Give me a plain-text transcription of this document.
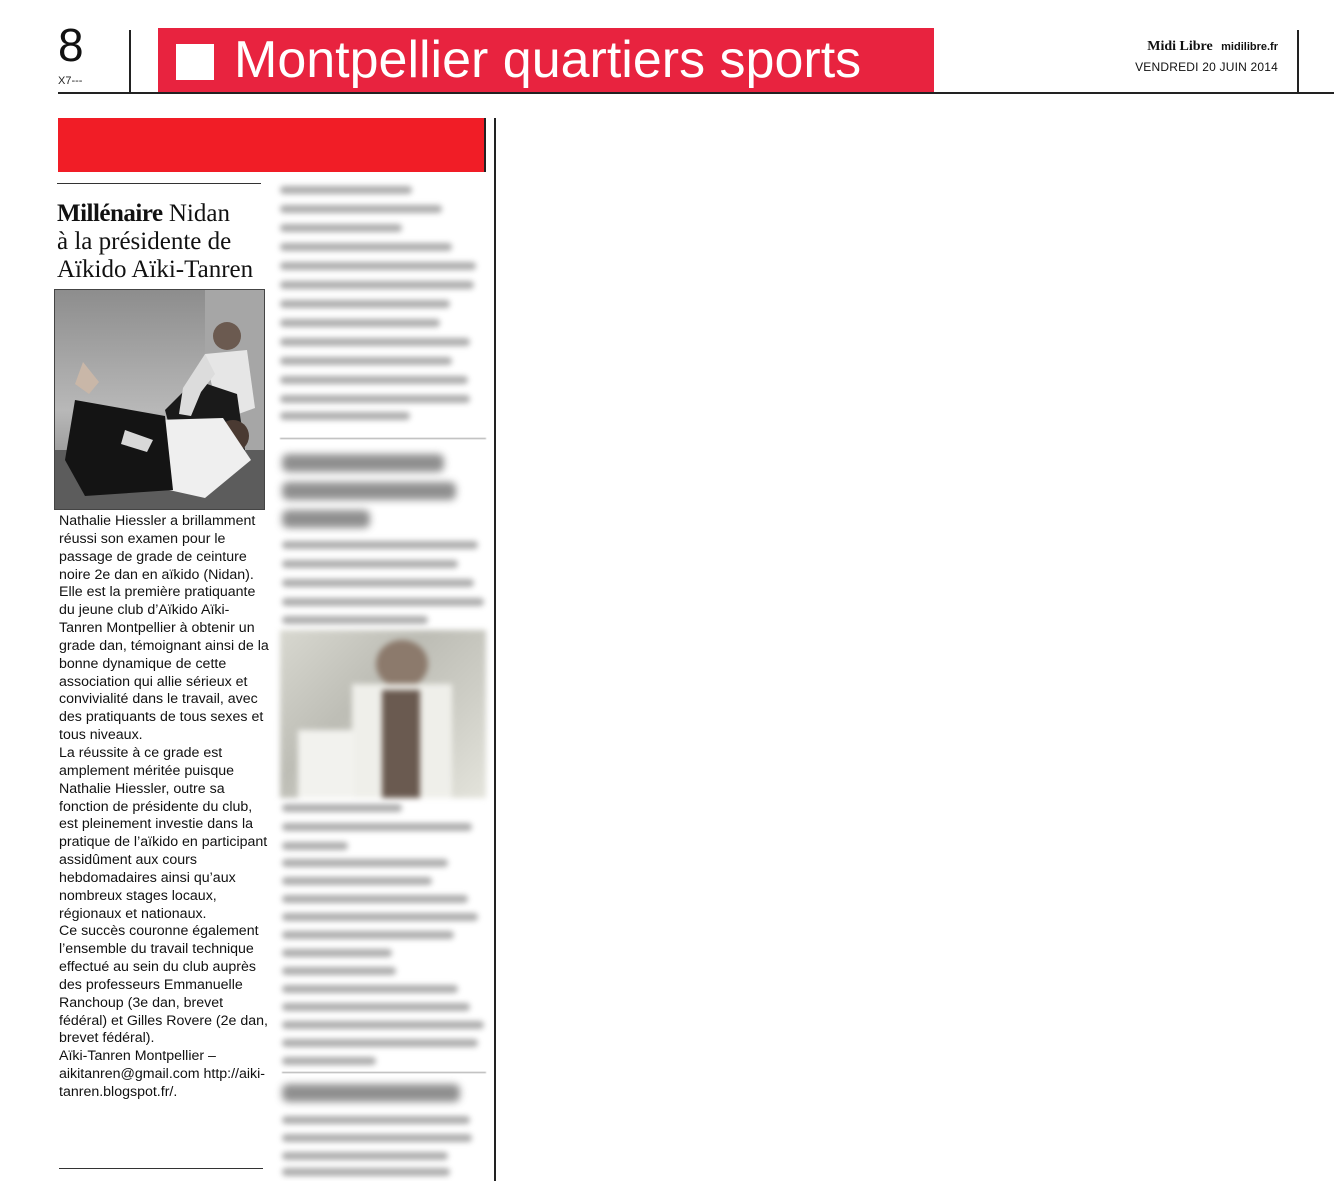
8
X7---	Montpellier quartiers sports	Midi Libre midilibre.fr
VENDREDI 20 JUIN 2014
Millénaire Nidan
à la présidente de
Aïkido Aïki-Tanren

Nathalie Hiessler a brillamment réussi son examen pour le passage de grade de ceinture noire 2e dan en aïkido (Nidan). Elle est la première pratiquante du jeune club d’Aïkido Aïki-Tanren Montpellier à obtenir un grade dan, témoignant ainsi de la bonne dynamique de cette association qui allie sérieux et convivialité dans le travail, avec des pratiquants de tous sexes et tous niveaux.

La réussite à ce grade est amplement méritée puisque Nathalie Hiessler, outre sa fonction de présidente du club, est pleinement investie dans la pratique de l’aïkido en participant assidûment aux cours hebdomadaires ainsi qu’aux nombreux stages locaux, régionaux et nationaux.

Ce succès couronne également l’ensemble du travail technique effectué au sein du club auprès des professeurs Emmanuelle Ranchoup (3e dan, brevet fédéral) et Gilles Rovere (2e dan, brevet fédéral).

Aïki-Tanren Montpellier – aikitanren@gmail.com http://aiki-tanren.blogspot.fr/.
